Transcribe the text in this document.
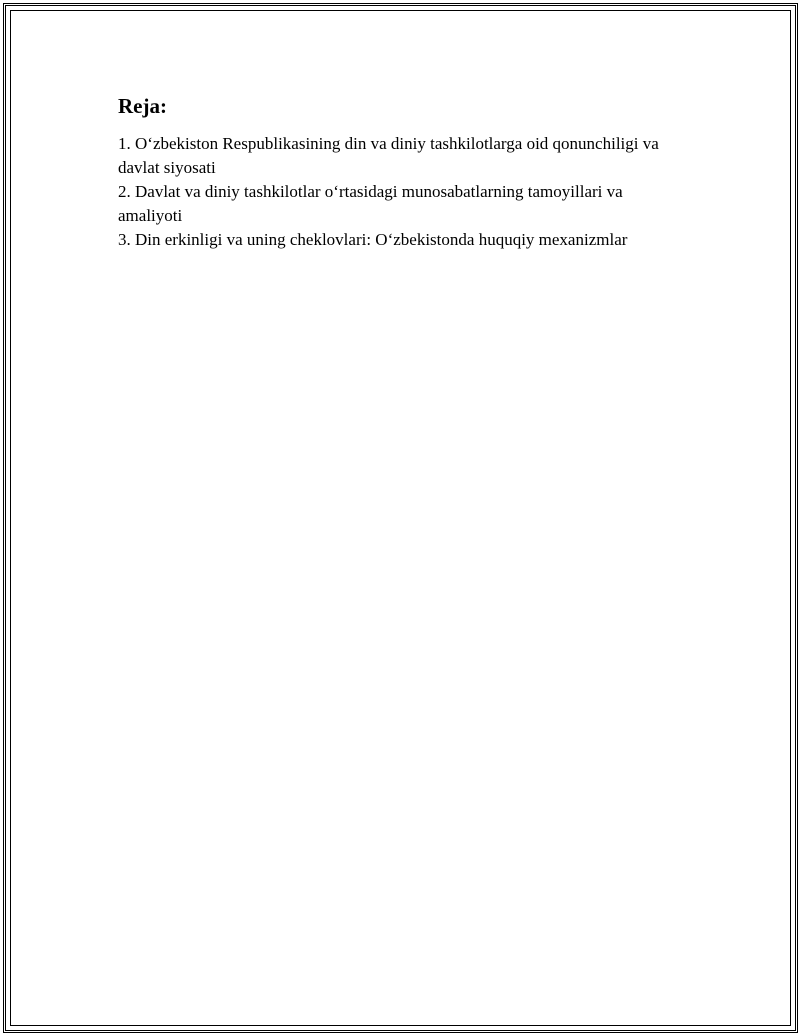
Reja:

1. O‘zbekiston Respublikasining din va diniy tashkilotlarga oid qonunchiligi va davlat siyosati

2. Davlat va diniy tashkilotlar o‘rtasidagi munosabatlarning tamoyillari va amaliyoti

3. Din erkinligi va uning cheklovlari: O‘zbekistonda huquqiy mexanizmlar
